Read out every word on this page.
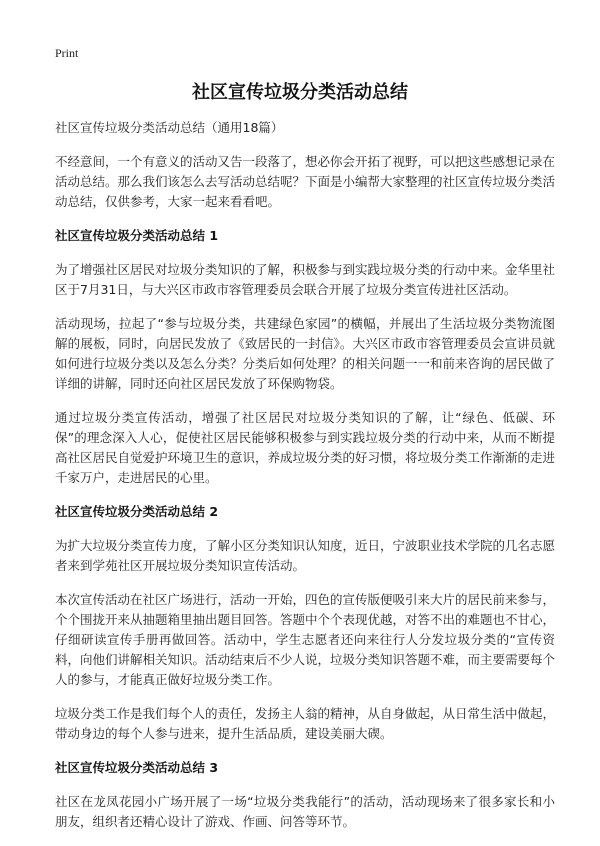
Print
社区宣传垃圾分类活动总结

社区宣传垃圾分类活动总结（通用18篇）

不经意间，一个有意义的活动又告一段落了，想必你会开拓了视野，可以把这些感想记录在活动总结。那么我们该怎么去写活动总结呢？下面是小编帮大家整理的社区宣传垃圾分类活动总结，仅供参考，大家一起来看看吧。

社区宣传垃圾分类活动总结 1

为了增强社区居民对垃圾分类知识的了解，积极参与到实践垃圾分类的行动中来。金华里社区于7月31日，与大兴区市政市容管理委员会联合开展了垃圾分类宣传进社区活动。

活动现场，拉起了“参与垃圾分类，共建绿色家园”的横幅，并展出了生活垃圾分类物流图解的展板，同时，向居民发放了《致居民的一封信》。大兴区市政市容管理委员会宣讲员就如何进行垃圾分类以及怎么分类？分类后如何处理？的相关问题一一和前来咨询的居民做了详细的讲解，同时还向社区居民发放了环保购物袋。

通过垃圾分类宣传活动，增强了社区居民对垃圾分类知识的了解，让“绿色、低碳、环保”的理念深入人心，促使社区居民能够积极参与到实践垃圾分类的行动中来，从而不断提高社区居民自觉爱护环境卫生的意识，养成垃圾分类的好习惯，将垃圾分类工作渐渐的走进千家万户，走进居民的心里。

社区宣传垃圾分类活动总结 2

为扩大垃圾分类宣传力度，了解小区分类知识认知度，近日，宁波职业技术学院的几名志愿者来到学苑社区开展垃圾分类知识宣传活动。

本次宣传活动在社区广场进行，活动一开始，四色的宣传版便吸引来大片的居民前来参与，个个围拢开来从抽题箱里抽出题目回答。答题中个个表现优越，对答不出的难题也不甘心，仔细研读宣传手册再做回答。活动中，学生志愿者还向来往行人分发垃圾分类的“宣传资料，向他们讲解相关知识。活动结束后不少人说，垃圾分类知识答题不难，而主要需要每个人的参与，才能真正做好垃圾分类工作。

垃圾分类工作是我们每个人的责任，发扬主人翁的精神，从自身做起，从日常生活中做起，带动身边的每个人参与进来，提升生活品质，建设美丽大碶。

社区宣传垃圾分类活动总结 3

社区在龙凤花园小广场开展了一场“垃圾分类我能行”的活动，活动现场来了很多家长和小朋友，组织者还精心设计了游戏、作画、问答等环节。
